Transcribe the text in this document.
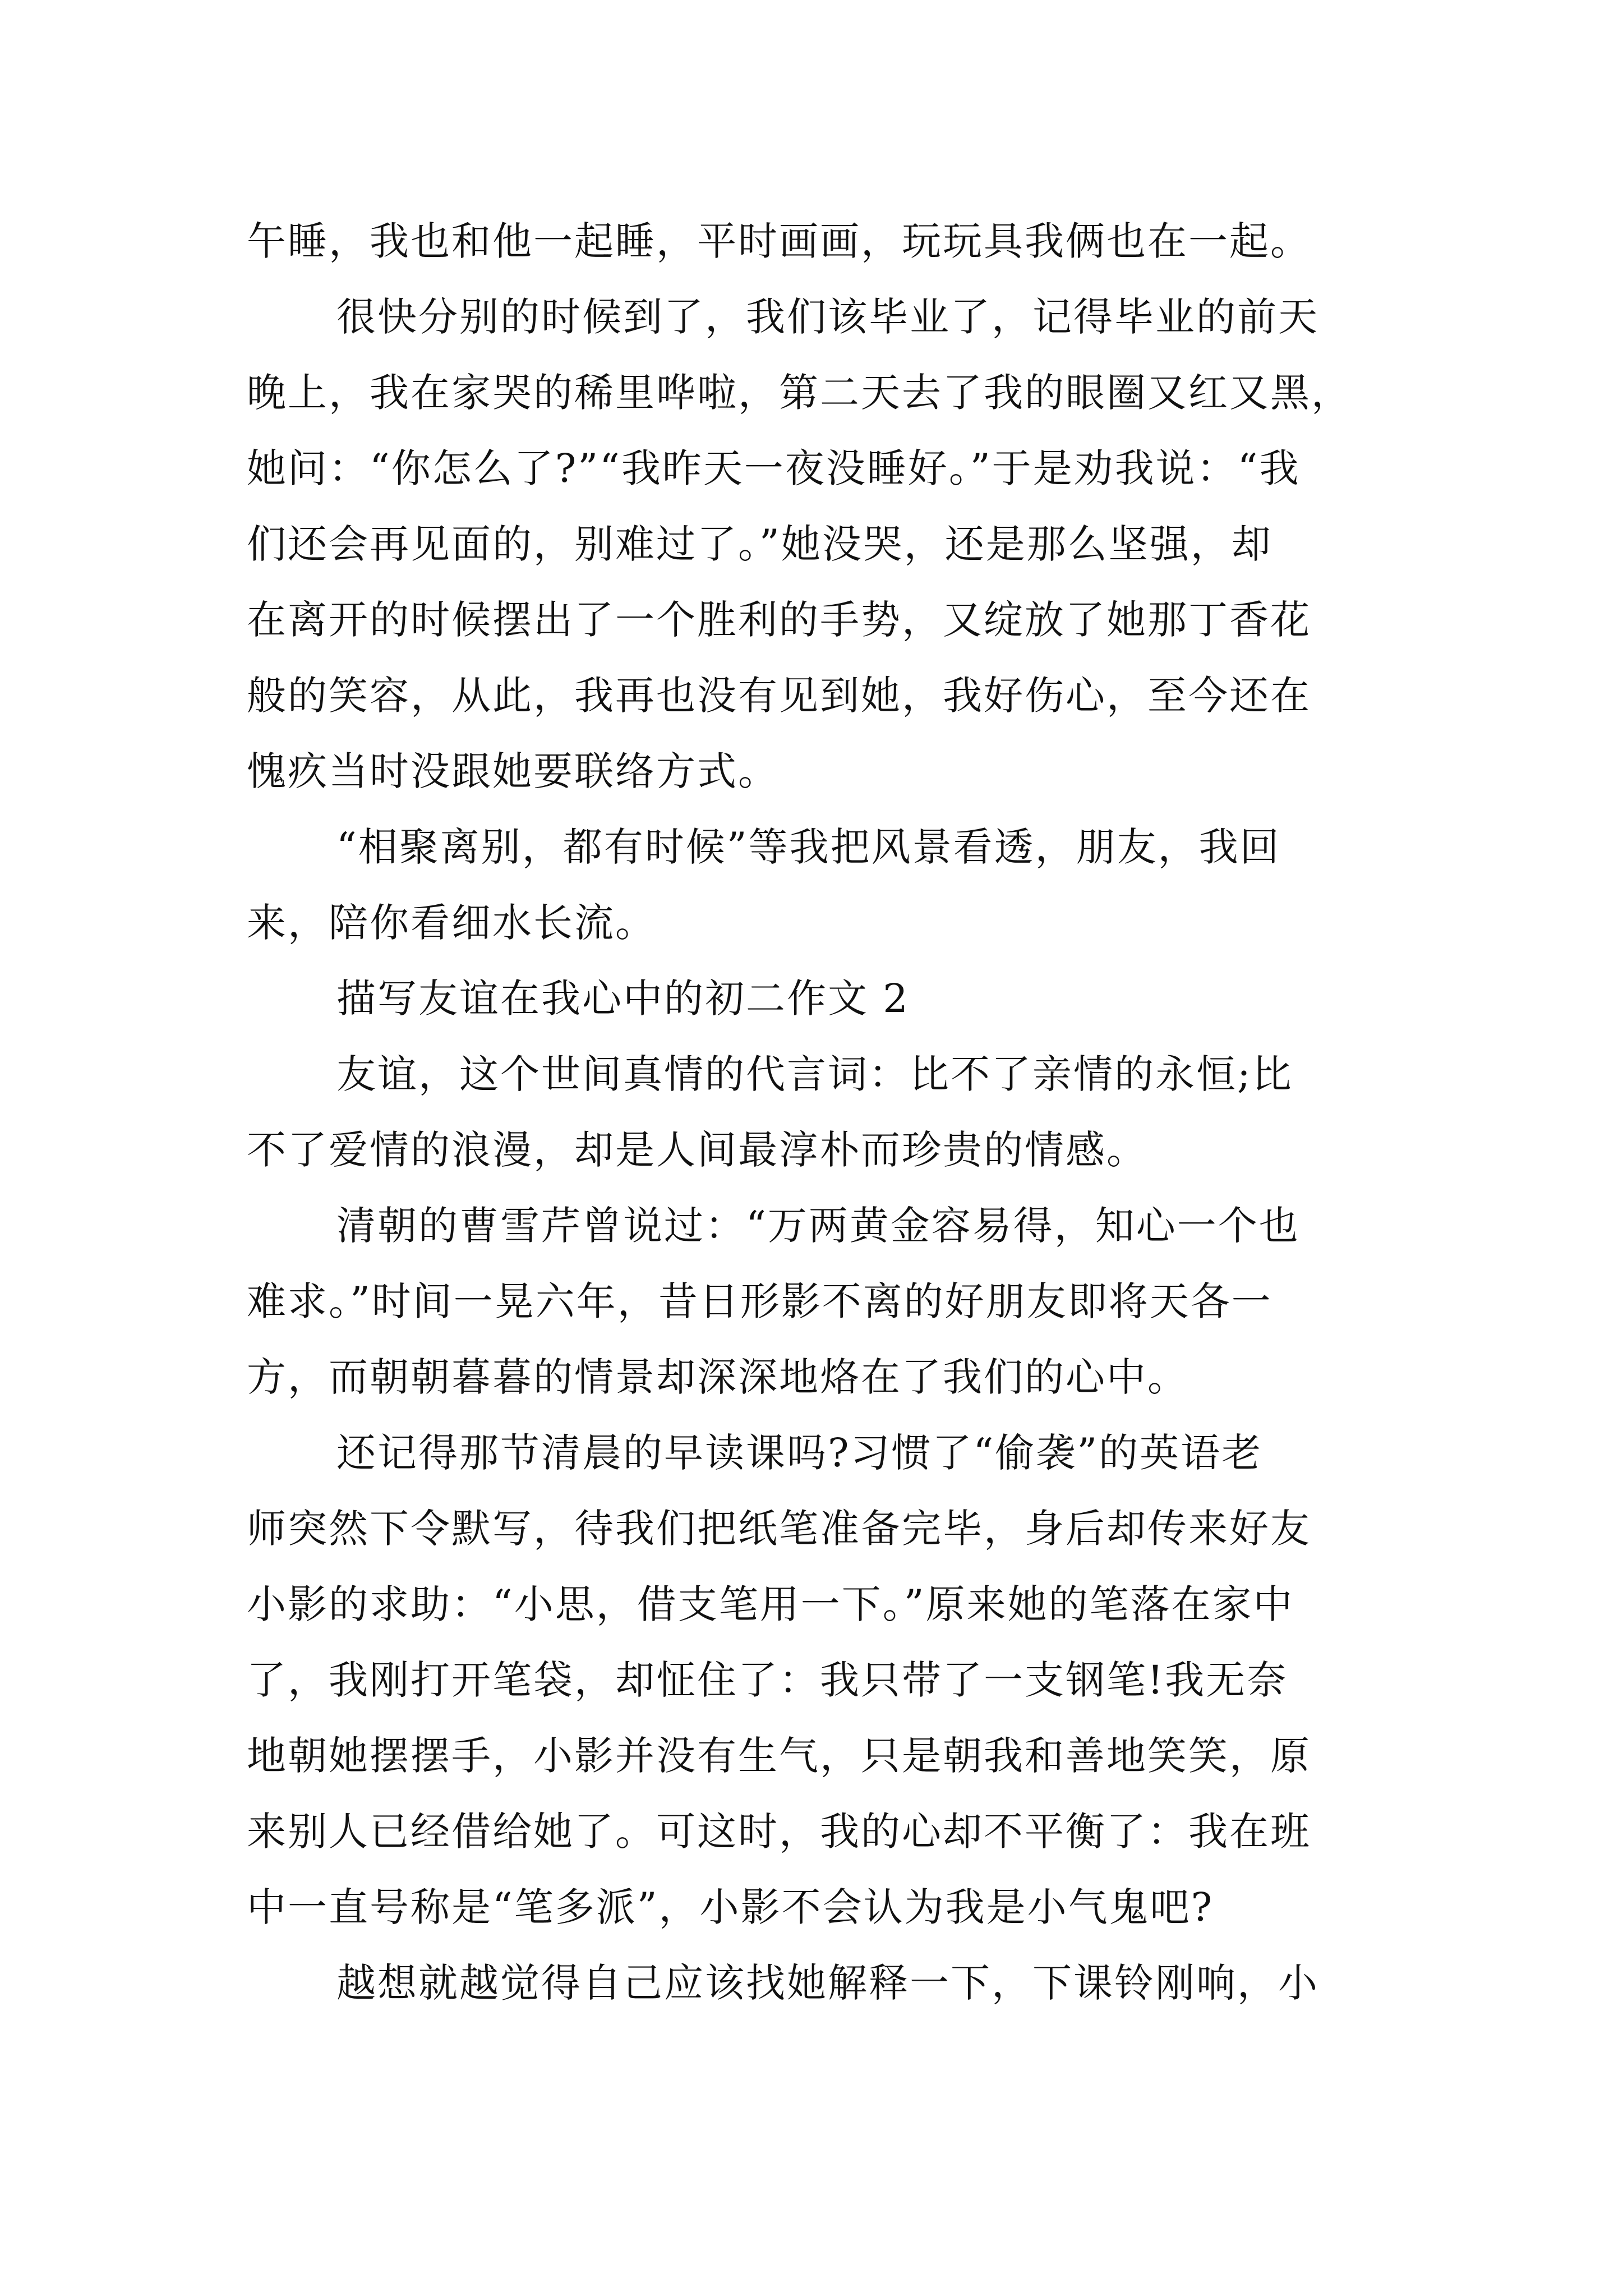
午睡，我也和他一起睡，平时画画，玩玩具我俩也在一起。
很快分别的时候到了，我们该毕业了，记得毕业的前天
晚上，我在家哭的稀里哗啦，第二天去了我的眼圈又红又黑，
她问：“你怎么了?”“我昨天一夜没睡好。”于是劝我说：“我
们还会再见面的，别难过了。”她没哭，还是那么坚强，却
在离开的时候摆出了一个胜利的手势，又绽放了她那丁香花
般的笑容，从此，我再也没有见到她，我好伤心，至今还在
愧疚当时没跟她要联络方式。
“相聚离别，都有时候”等我把风景看透，朋友，我回
来，陪你看细水长流。
描写友谊在我心中的初二作文 2
友谊，这个世间真情的代言词：比不了亲情的永恒;比
不了爱情的浪漫，却是人间最淳朴而珍贵的情感。
清朝的曹雪芹曾说过：“万两黄金容易得，知心一个也
难求。”时间一晃六年，昔日形影不离的好朋友即将天各一
方，而朝朝暮暮的情景却深深地烙在了我们的心中。
还记得那节清晨的早读课吗?习惯了“偷袭”的英语老
师突然下令默写，待我们把纸笔准备完毕，身后却传来好友
小影的求助：“小思，借支笔用一下。”原来她的笔落在家中
了，我刚打开笔袋，却怔住了：我只带了一支钢笔!我无奈
地朝她摆摆手，小影并没有生气，只是朝我和善地笑笑，原
来别人已经借给她了。可这时，我的心却不平衡了：我在班
中一直号称是“笔多派”，小影不会认为我是小气鬼吧?
越想就越觉得自己应该找她解释一下，下课铃刚响，小
